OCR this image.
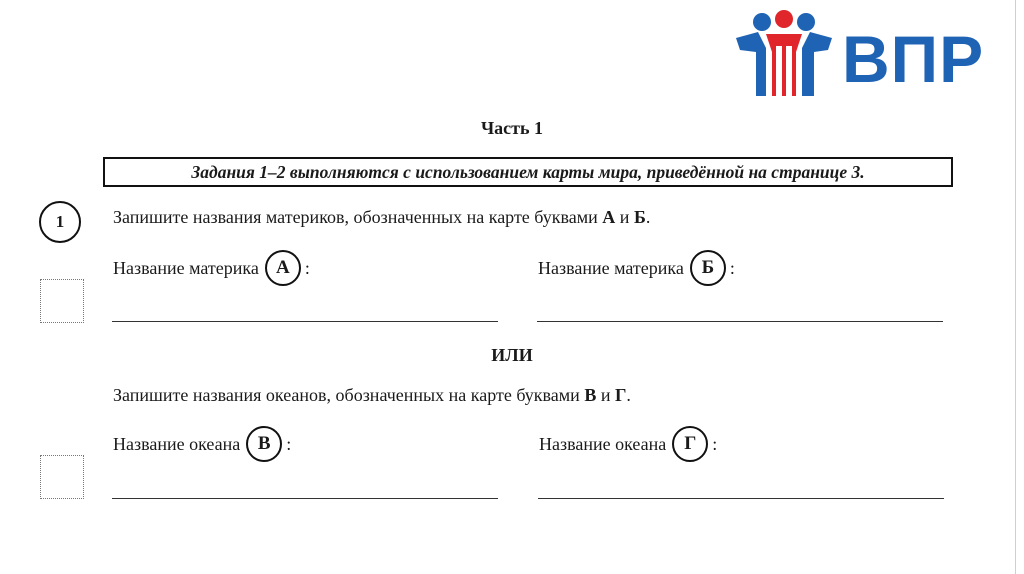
ВПР
Часть 1
Задания 1–2 выполняются с использованием карты мира, приведённой на странице 3.
1	Запишите названия материков, обозначенных на карте буквами А и Б.
Название материка А :	Название материка Б :
ИЛИ
Запишите названия океанов, обозначенных на карте буквами В и Г.
Название океана В :	Название океана Г :
